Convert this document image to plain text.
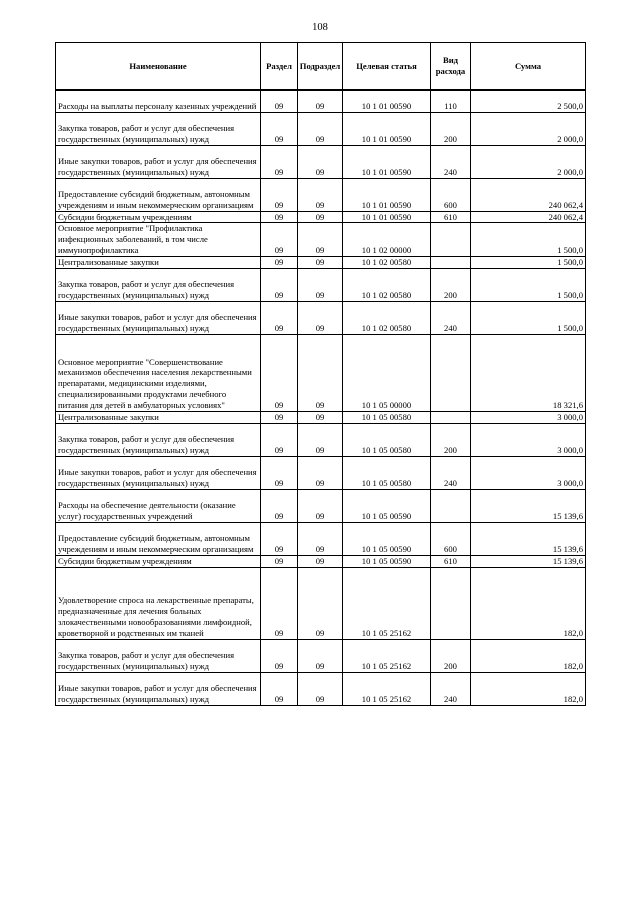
108
Наименование	Раздел	Подраздел	Целевая статья	Вид расхода	Сумма
Расходы на выплаты персоналу казенных учреждений	09	09	10 1 01 00590	110	2 500,0
Закупка товаров, работ и услуг для обеспечения государственных (муниципальных) нужд	09	09	10 1 01 00590	200	2 000,0
Иные закупки товаров, работ и услуг для обеспечения государственных (муниципальных) нужд	09	09	10 1 01 00590	240	2 000,0
Предоставление субсидий бюджетным, автономным учреждениям и иным некоммерческим организациям	09	09	10 1 01 00590	600	240 062,4
Субсидии бюджетным учреждениям	09	09	10 1 01 00590	610	240 062,4
Основное мероприятие "Профилактика инфекционных заболеваний, в том числе иммунопрофилактика	09	09	10 1 02 00000		1 500,0
Централизованные закупки	09	09	10 1 02 00580		1 500,0
Закупка товаров, работ и услуг для обеспечения государственных (муниципальных) нужд	09	09	10 1 02 00580	200	1 500,0
Иные закупки товаров, работ и услуг для обеспечения государственных (муниципальных) нужд	09	09	10 1 02 00580	240	1 500,0
Основное мероприятие "Совершенствование механизмов обеспечения населения лекарственными препаратами, медицинскими изделиями, специализированными продуктами лечебного питания для детей в амбулаторных условиях"	09	09	10 1 05 00000		18 321,6
Централизованные закупки	09	09	10 1 05 00580		3 000,0
Закупка товаров, работ и услуг для обеспечения государственных (муниципальных) нужд	09	09	10 1 05 00580	200	3 000,0
Иные закупки товаров, работ и услуг для обеспечения государственных (муниципальных) нужд	09	09	10 1 05 00580	240	3 000,0
Расходы на обеспечение деятельности (оказание услуг) государственных учреждений	09	09	10 1 05 00590		15 139,6
Предоставление субсидий бюджетным, автономным учреждениям и иным некоммерческим организациям	09	09	10 1 05 00590	600	15 139,6
Субсидии бюджетным учреждениям	09	09	10 1 05 00590	610	15 139,6
Удовлетворение спроса на лекарственные препараты, предназначенные для лечения больных злокачественными новообразованиями лимфоидной, кроветворной и родственных им тканей	09	09	10 1 05 25162		182,0
Закупка товаров, работ и услуг для обеспечения государственных (муниципальных) нужд	09	09	10 1 05 25162	200	182,0
Иные закупки товаров, работ и услуг для обеспечения государственных (муниципальных) нужд	09	09	10 1 05 25162	240	182,0
